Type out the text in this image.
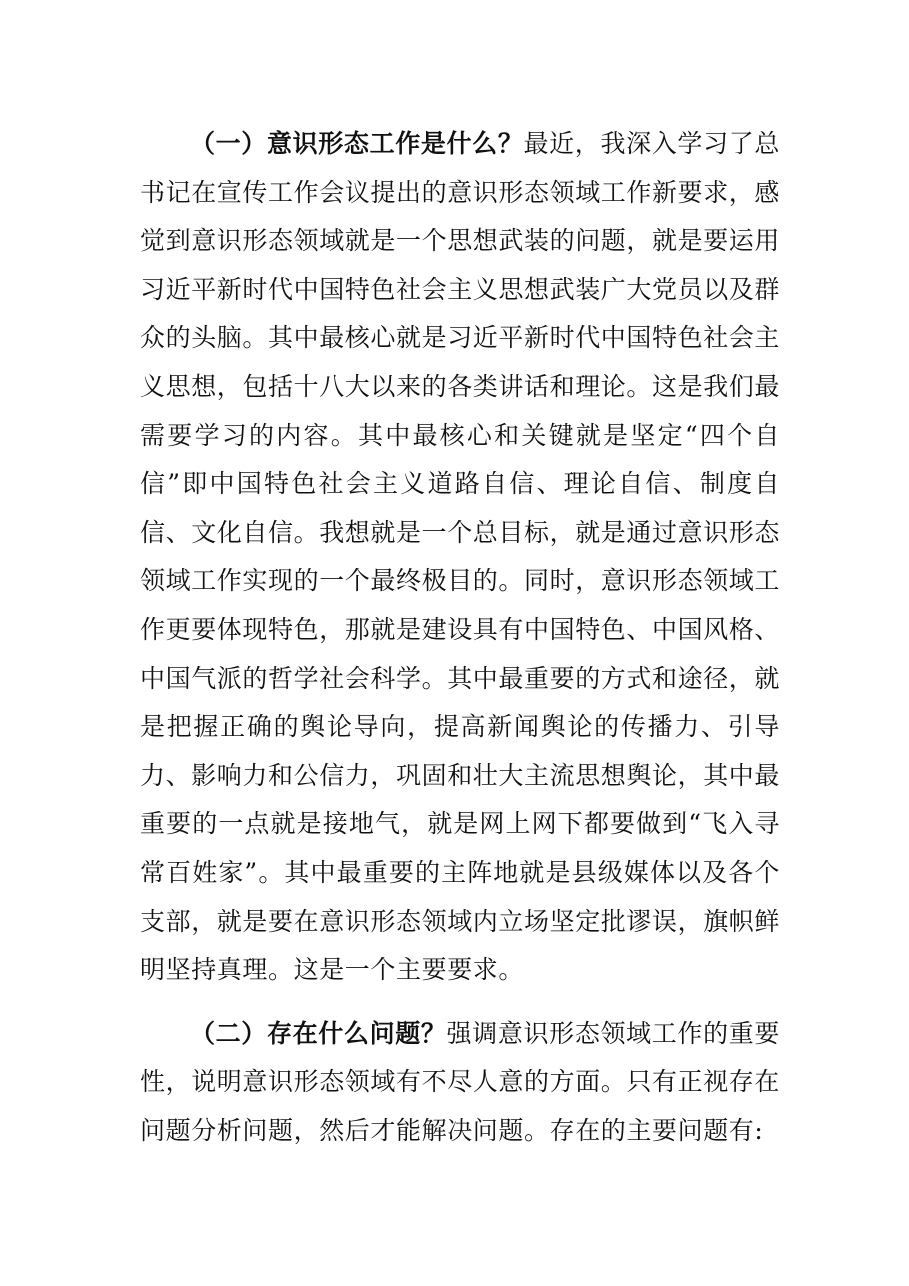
（一）意识形态工作是什么？最近，我深入学习了总书记在宣传工作会议提出的意识形态领域工作新要求，感觉到意识形态领域就是一个思想武装的问题，就是要运用习近平新时代中国特色社会主义思想武装广大党员以及群众的头脑。其中最核心就是习近平新时代中国特色社会主义思想，包括十八大以来的各类讲话和理论。这是我们最需要学习的内容。其中最核心和关键就是坚定“四个自信”即中国特色社会主义道路自信、理论自信、制度自信、文化自信。我想就是一个总目标，就是通过意识形态领域工作实现的一个最终极目的。同时，意识形态领域工作更要体现特色，那就是建设具有中国特色、中国风格、中国气派的哲学社会科学。其中最重要的方式和途径，就是把握正确的舆论导向，提高新闻舆论的传播力、引导力、影响力和公信力，巩固和壮大主流思想舆论，其中最重要的一点就是接地气，就是网上网下都要做到“飞入寻常百姓家”。其中最重要的主阵地就是县级媒体以及各个支部，就是要在意识形态领域内立场坚定批谬误，旗帜鲜明坚持真理。这是一个主要要求。

（二）存在什么问题？强调意识形态领域工作的重要性，说明意识形态领域有不尽人意的方面。只有正视存在问题分析问题，然后才能解决问题。存在的主要问题有:
